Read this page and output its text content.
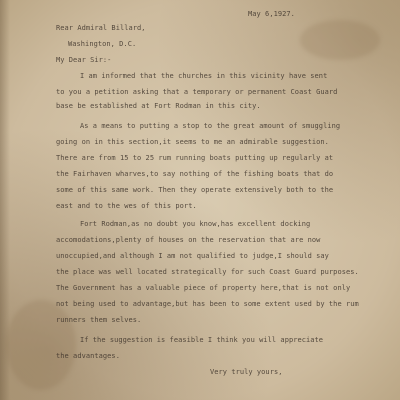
May 6,1927.

Rear Admiral Billard,

Washington, D.C.

My Dear Sir:-

I am informed that the churches in this vicinity have sent

to you a petition asking that a temporary or permanent Coast Guard

base be established at Fort Rodman in this city.

As a means to putting a stop to the great amount of smuggling

going on in this section,it seems to me an admirable suggestion.

There are from 15 to 25 rum running boats putting up regularly at

the Fairhaven wharves,to say nothing of the fishing boats that do

some of this same work. Then they operate extensively both to the

east and to the wes of this port.

Fort Rodman,as no doubt you know,has excellent docking

accomodations,plenty of houses on the reservation that are now

unoccupied,and although I am not qualified to judge,I should say

the place was well located strategically for such Coast Guard purposes.

The Government has a valuable piece of property here,that is not only

not being used to advantage,but has been to some extent used by the rum

runners them selves.

If the suggestion is feasible I think you will appreciate

the advantages.

Very truly yours,
